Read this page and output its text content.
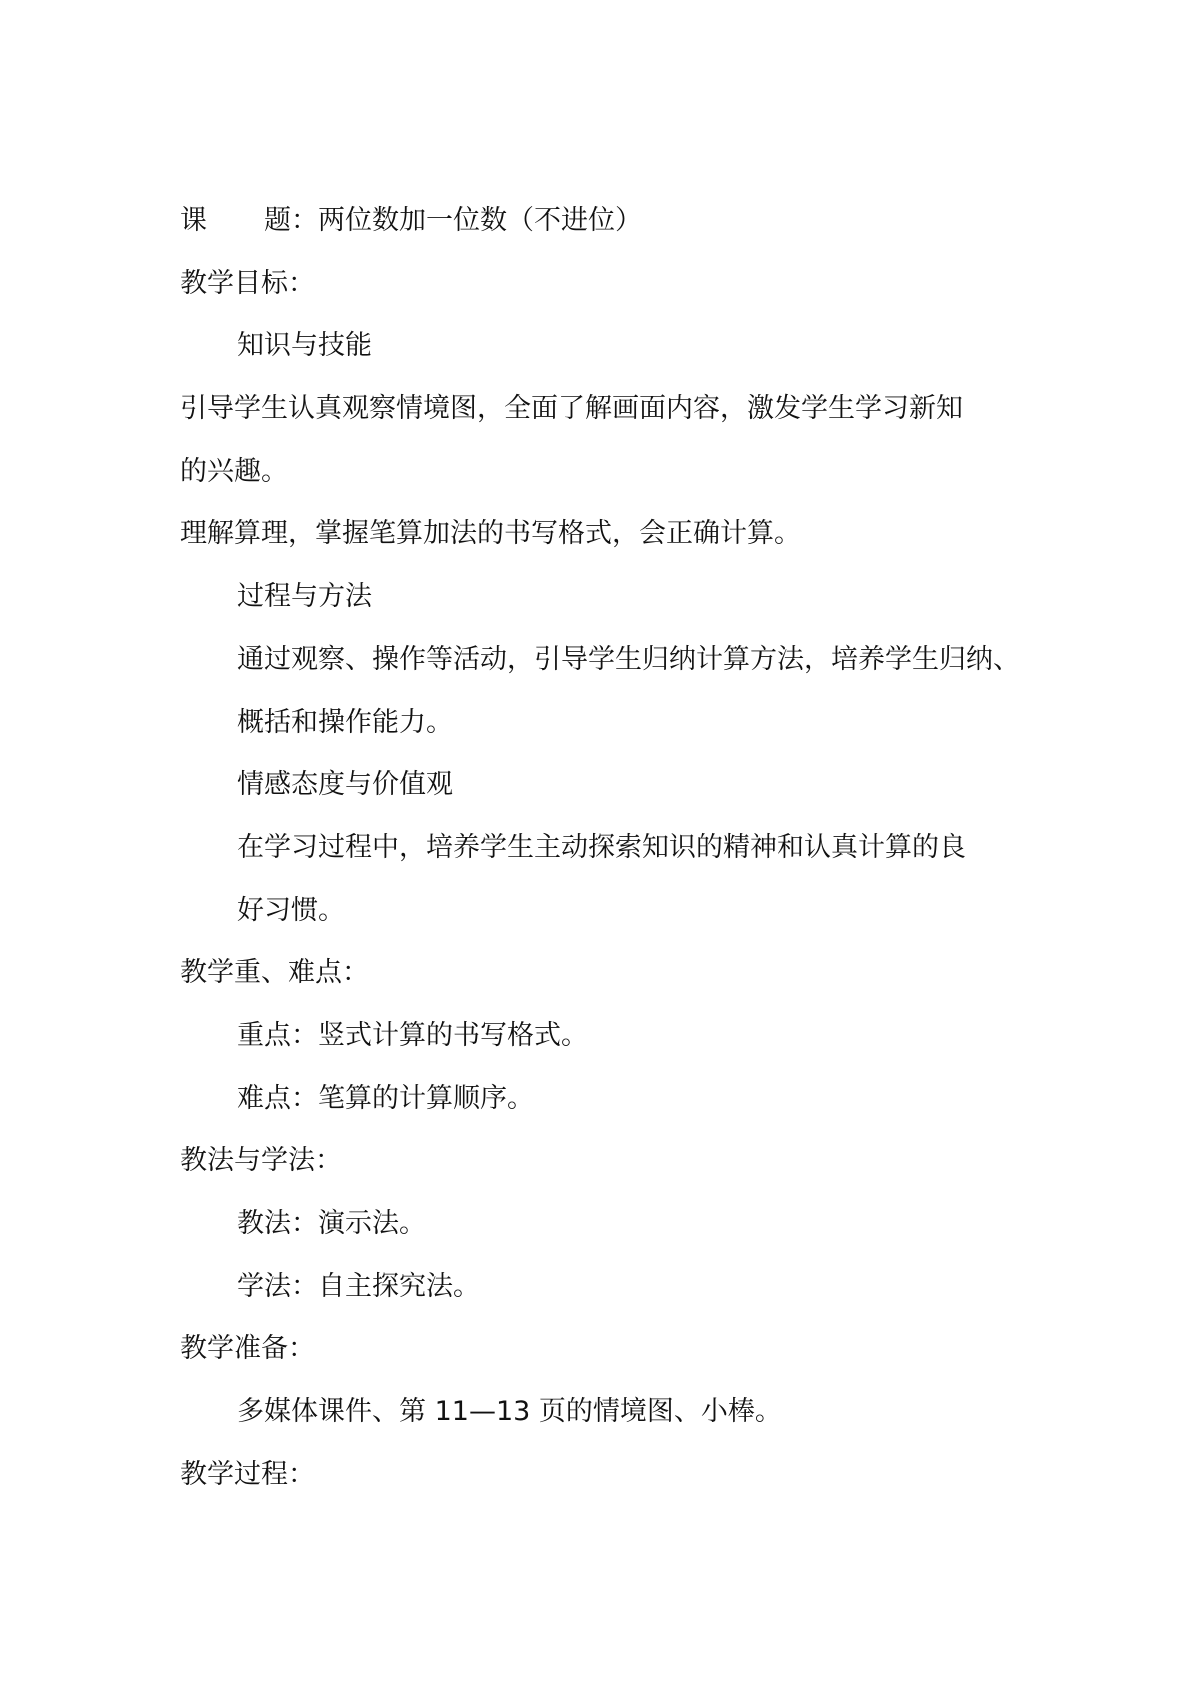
课 题：两位数加一位数（不进位）
教学目标：
知识与技能
引导学生认真观察情境图，全面了解画面内容，激发学生学习新知
的兴趣。
理解算理，掌握笔算加法的书写格式，会正确计算。
过程与方法
通过观察、操作等活动，引导学生归纳计算方法，培养学生归纳、
概括和操作能力。
情感态度与价值观
在学习过程中，培养学生主动探索知识的精神和认真计算的良
好习惯。
教学重、难点：
重点：竖式计算的书写格式。
难点：笔算的计算顺序。
教法与学法：
教法：演示法。
学法：自主探究法。
教学准备：
多媒体课件、第 11—13 页的情境图、小棒。
教学过程：
